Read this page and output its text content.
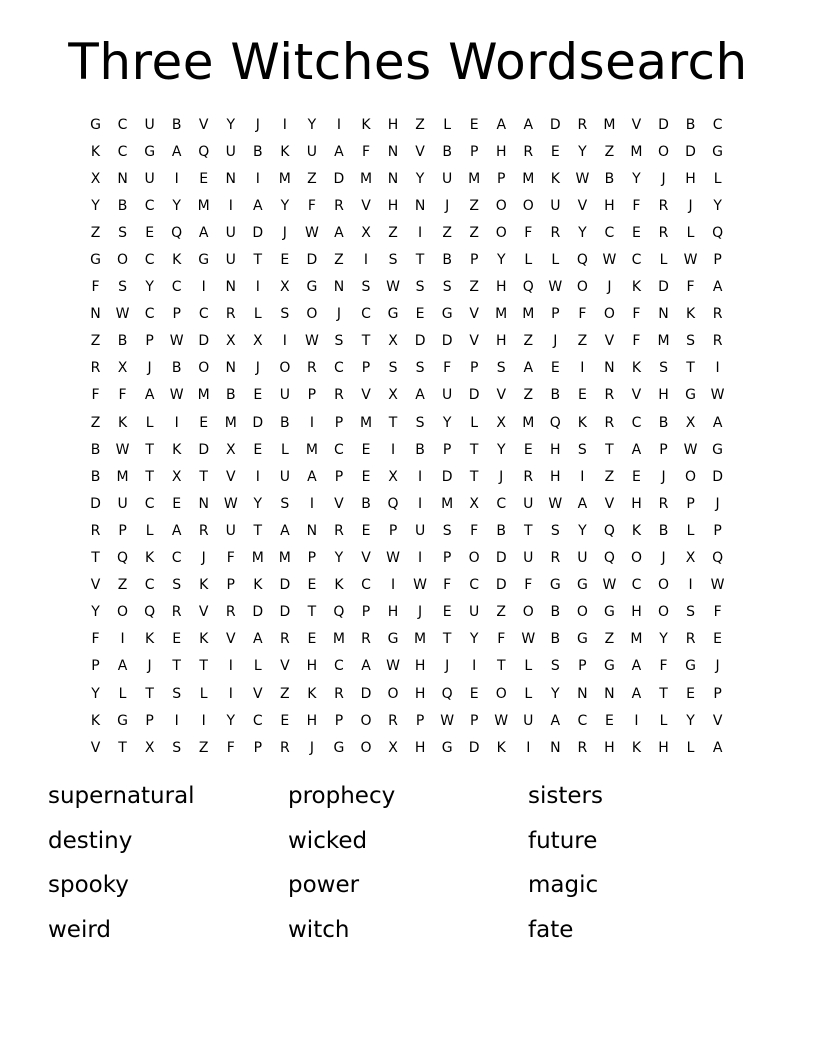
Three Witches Wordsearch
G	C	U	B	V	Y	J	I	Y	I	K	H	Z	L	E	A	A	D	R	M	V	D	B	C
K	C	G	A	Q	U	B	K	U	A	F	N	V	B	P	H	R	E	Y	Z	M	O	D	G
X	N	U	I	E	N	I	M	Z	D	M	N	Y	U	M	P	M	K	W	B	Y	J	H	L
Y	B	C	Y	M	I	A	Y	F	R	V	H	N	J	Z	O	O	U	V	H	F	R	J	Y
Z	S	E	Q	A	U	D	J	W	A	X	Z	I	Z	Z	O	F	R	Y	C	E	R	L	Q
G	O	C	K	G	U	T	E	D	Z	I	S	T	B	P	Y	L	L	Q	W	C	L	W	P
F	S	Y	C	I	N	I	X	G	N	S	W	S	S	Z	H	Q	W	O	J	K	D	F	A
N	W	C	P	C	R	L	S	O	J	C	G	E	G	V	M	M	P	F	O	F	N	K	R
Z	B	P	W	D	X	X	I	W	S	T	X	D	D	V	H	Z	J	Z	V	F	M	S	R
R	X	J	B	O	N	J	O	R	C	P	S	S	F	P	S	A	E	I	N	K	S	T	I
F	F	A	W	M	B	E	U	P	R	V	X	A	U	D	V	Z	B	E	R	V	H	G	W
Z	K	L	I	E	M	D	B	I	P	M	T	S	Y	L	X	M	Q	K	R	C	B	X	A
B	W	T	K	D	X	E	L	M	C	E	I	B	P	T	Y	E	H	S	T	A	P	W	G
B	M	T	X	T	V	I	U	A	P	E	X	I	D	T	J	R	H	I	Z	E	J	O	D
D	U	C	E	N	W	Y	S	I	V	B	Q	I	M	X	C	U	W	A	V	H	R	P	J
R	P	L	A	R	U	T	A	N	R	E	P	U	S	F	B	T	S	Y	Q	K	B	L	P
T	Q	K	C	J	F	M	M	P	Y	V	W	I	P	O	D	U	R	U	Q	O	J	X	Q
V	Z	C	S	K	P	K	D	E	K	C	I	W	F	C	D	F	G	G	W	C	O	I	W
Y	O	Q	R	V	R	D	D	T	Q	P	H	J	E	U	Z	O	B	O	G	H	O	S	F
F	I	K	E	K	V	A	R	E	M	R	G	M	T	Y	F	W	B	G	Z	M	Y	R	E
P	A	J	T	T	I	L	V	H	C	A	W	H	J	I	T	L	S	P	G	A	F	G	J
Y	L	T	S	L	I	V	Z	K	R	D	O	H	Q	E	O	L	Y	N	N	A	T	E	P
K	G	P	I	I	Y	C	E	H	P	O	R	P	W	P	W	U	A	C	E	I	L	Y	V
V	T	X	S	Z	F	P	R	J	G	O	X	H	G	D	K	I	N	R	H	K	H	L	A
supernatural	prophecy	sisters
destiny	wicked	future
spooky	power	magic
weird	witch	fate
